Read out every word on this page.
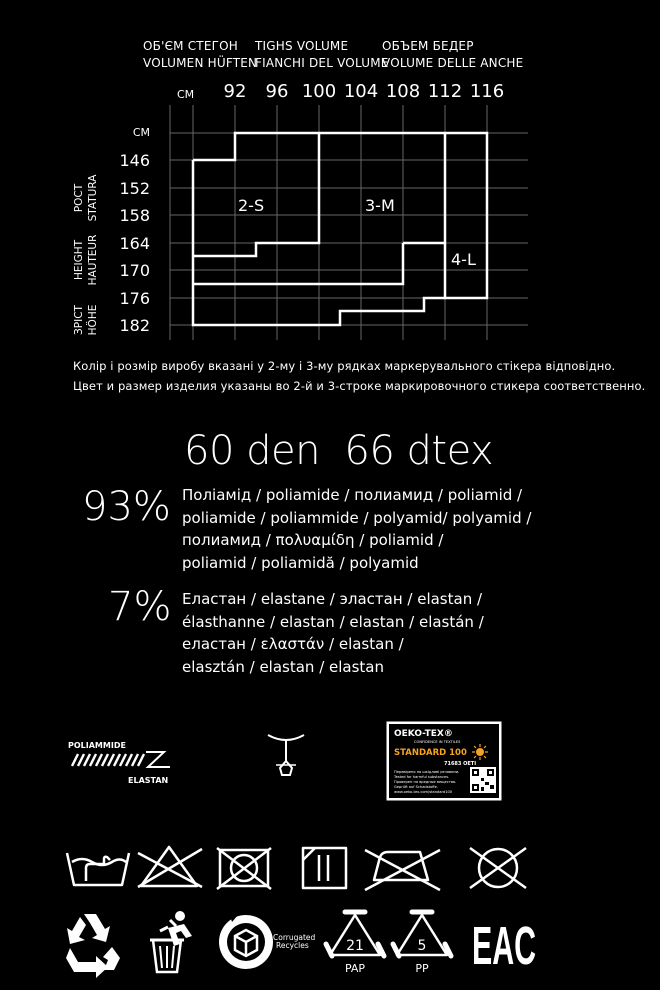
ОБ'ЄМ СТЕГОН
VOLUMEN HÜFTEN
TIGHS VOLUME
FIANCHI DEL VOLUME
ОБЪЕМ БЕДЕР
VOLUME DELLE ANCHE
СМ 92 96 100 104 108 112 116
СМ
146
152
158
164
170
176
182
РОСТ STATURA
HEIGHT HAUTEUR
ЗРІСТ HÖHE
2-S	3-M
4-L
Колір і розмір виробу вказані у 2-му і 3-му рядках маркерувального стікера відповідно.
Цвет и размер изделия указаны во 2-й и 3-строке маркировочного стикера соответственно.
60 den  66 dtex
93% Поліамід / poliamide / полиамид / poliamid /
poliamide / poliammide / polyamid/ polyamid /
полиамид / πολυαμίδη / poliamid /
poliamid / poliamidă / polyamid
7% Еластан / elastane / эластан / elastan /
élasthanne / elastan / elastan / elastán /
еластан / ελαστάν / elastan /
elasztán / elastan / elastan
POLIAMMIDE
ELASTAN
OEKO-TEX®
CONFIDENCE IN TEXTILES
STANDARD 100
71683 OETI
Перевірено на шкідливі речовини.
Tested for harmful substances.
Проверен на вредные вещества.
Geprüft auf Schadstoffe.
www.oeko-tex.com/standard100
Corrugated
Recycles	21
PAP
5
PP EAC
